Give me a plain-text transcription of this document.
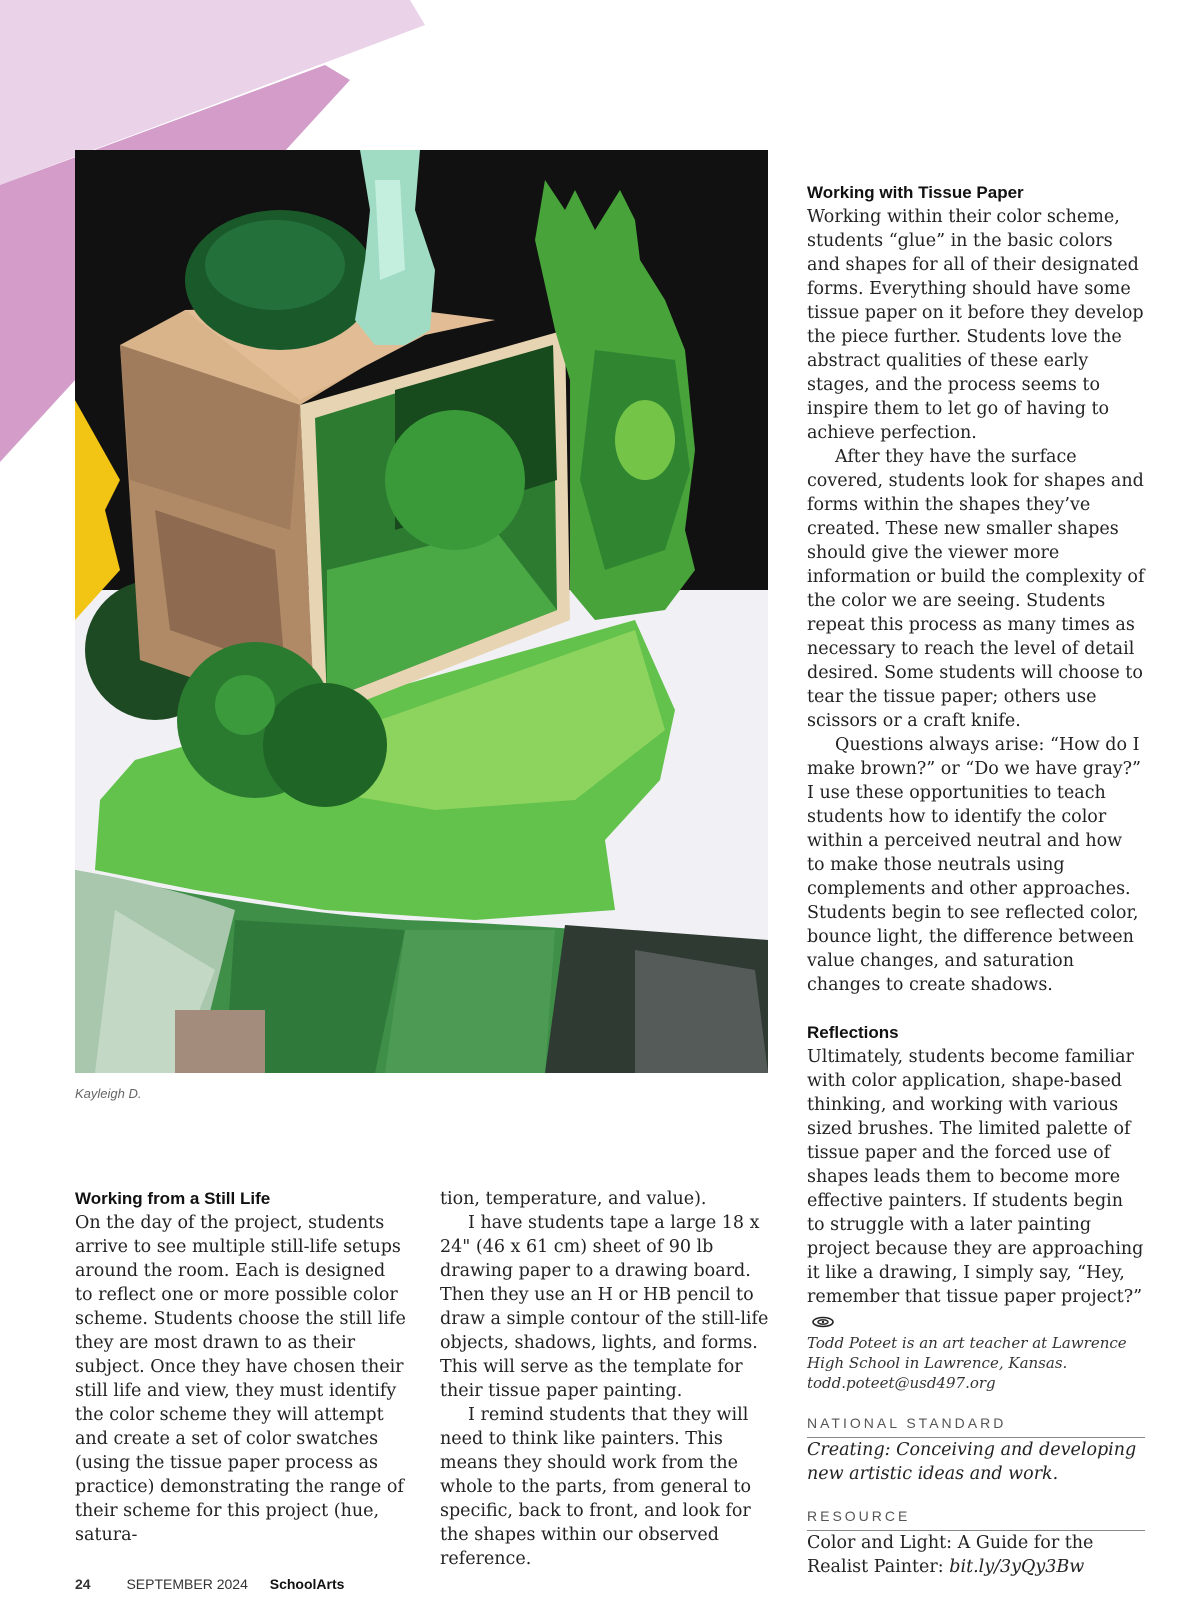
Kayleigh D.
Working from a Still Life

On the day of the project, students arrive to see multiple still-life setups around the room. Each is designed to reflect one or more possible color scheme. Students choose the still life they are most drawn to as their subject. Once they have chosen their still life and view, they must identify the color scheme they will attempt and create a set of color swatches (using the tissue paper process as practice) demonstrating the range of their scheme for this project (hue, satura-

tion, temperature, and value).

I have students tape a large 18 x 24" (46 x 61 cm) sheet of 90 lb drawing paper to a drawing board. Then they use an H or HB pencil to draw a simple contour of the still-life objects, shadows, lights, and forms. This will serve as the template for their tissue paper painting.

I remind students that they will need to think like painters. This means they should work from the whole to the parts, from general to specific, back to front, and look for the shapes within our observed reference.

Working with Tissue Paper

Working within their color scheme, students “glue” in the basic colors and shapes for all of their designated forms. Everything should have some tissue paper on it before they develop the piece further. Students love the abstract qualities of these early stages, and the process seems to inspire them to let go of having to achieve perfection.

After they have the surface covered, students look for shapes and forms within the shapes they’ve created. These new smaller shapes should give the viewer more information or build the complexity of the color we are seeing. Students repeat this process as many times as necessary to reach the level of detail desired. Some students will choose to tear the tissue paper; others use scissors or a craft knife.

Questions always arise: “How do I make brown?” or “Do we have gray?” I use these opportunities to teach students how to identify the color within a perceived neutral and how to make those neutrals using complements and other approaches. Students begin to see reflected color, bounce light, the difference between value changes, and saturation changes to create shadows.

Reflections

Ultimately, students become familiar with color application, shape-based thinking, and working with various sized brushes. The limited palette of tissue paper and the forced use of shapes leads them to become more effective painters. If students begin to struggle with a later painting project because they are approaching it like a drawing, I simply say, “Hey, remember that tissue paper project?”

Todd Poteet is an art teacher at Lawrence High School in Lawrence, Kansas. todd.poteet@usd497.org

NATIONAL STANDARD

Creating: Conceiving and developing new artistic ideas and work.

RESOURCE

Color and Light: A Guide for the Realist Painter: bit.ly/3yQy3Bw

24	SEPTEMBER 2024 SchoolArts
